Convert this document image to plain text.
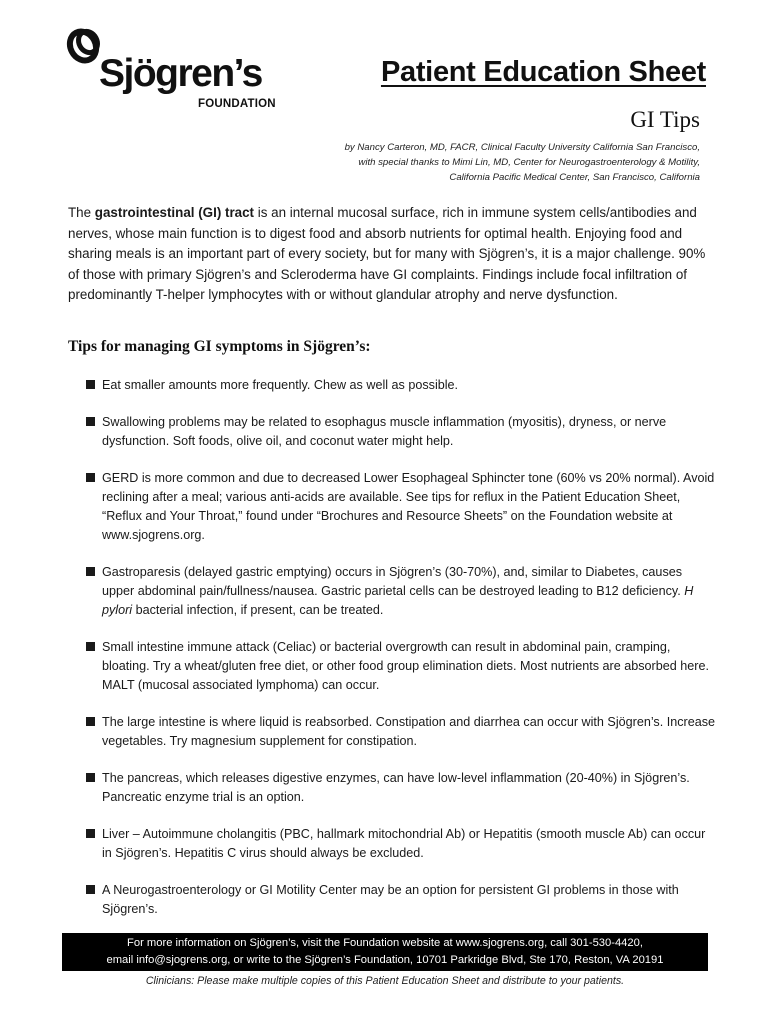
Sjögren’s
FOUNDATION
Patient Education Sheet
GI Tips
by Nancy Carteron, MD, FACR, Clinical Faculty University California San Francisco,
with special thanks to Mimi Lin, MD, Center for Neurogastroenterology & Motility,
California Pacific Medical Center, San Francisco, California

The gastrointestinal (GI) tract is an internal mucosal surface, rich in immune system cells/antibodies and nerves, whose main function is to digest food and absorb nutrients for optimal health. Enjoying food and sharing meals is an important part of every society, but for many with Sjögren’s, it is a major challenge. 90% of those with primary Sjögren’s and Scleroderma have GI complaints. Findings include focal infiltration of predominantly T-helper lymphocytes with or without glandular atrophy and nerve dysfunction.

Tips for managing GI symptoms in Sjögren’s:
Eat smaller amounts more frequently. Chew as well as possible.
Swallowing problems may be related to esophagus muscle inflammation (myositis), dryness, or nerve dysfunction. Soft foods, olive oil, and coconut water might help.
GERD is more common and due to decreased Lower Esophageal Sphincter tone (60% vs 20% normal). Avoid reclining after a meal; various anti-acids are available. See tips for reflux in the Patient Education Sheet, “Reflux and Your Throat,” found under “Brochures and Resource Sheets” on the Foundation website at www.sjogrens.org.
Gastroparesis (delayed gastric emptying) occurs in Sjögren’s (30-70%), and, similar to Diabetes, causes upper abdominal pain/fullness/nausea. Gastric parietal cells can be destroyed leading to B12 deficiency. H pylori bacterial infection, if present, can be treated.
Small intestine immune attack (Celiac) or bacterial overgrowth can result in abdominal pain, cramping, bloating. Try a wheat/gluten free diet, or other food group elimination diets. Most nutrients are absorbed here. MALT (mucosal associated lymphoma) can occur.
The large intestine is where liquid is reabsorbed. Constipation and diarrhea can occur with Sjögren’s. Increase vegetables. Try magnesium supplement for constipation.
The pancreas, which releases digestive enzymes, can have low-level inflammation (20-40%) in Sjögren’s. Pancreatic enzyme trial is an option.
Liver – Autoimmune cholangitis (PBC, hallmark mitochondrial Ab) or Hepatitis (smooth muscle Ab) can occur in Sjögren’s. Hepatitis C virus should always be excluded.
A Neurogastroenterology or GI Motility Center may be an option for persistent GI problems in those with Sjögren’s.
For more information on Sjögren’s, visit the Foundation website at www.sjogrens.org, call 301-530-4420,
email info@sjogrens.org, or write to the Sjögren’s Foundation, 10701 Parkridge Blvd, Ste 170, Reston, VA 20191
Clinicians: Please make multiple copies of this Patient Education Sheet and distribute to your patients.
